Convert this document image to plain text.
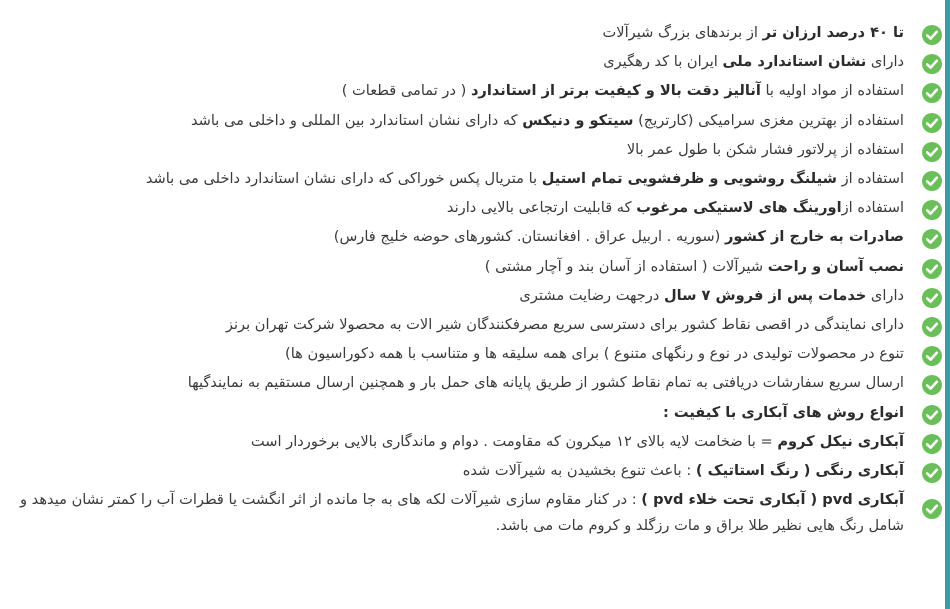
تا ۴۰ درصد ارزان تر از برندهای بزرگ شیرآلات
دارای نشان استاندارد ملی ایران با کد رهگیری
استفاده از مواد اولیه با آنالیز دقت بالا و کیفیت برتر از استاندارد ( در تمامی قطعات )
استفاده از بهترین مغزی سرامیکی (کارتریج) سیتکو و دنیکس که دارای نشان استاندارد بین المللی و داخلی می باشد
استفاده از پرلاتور فشار شکن با طول عمر بالا
استفاده از شیلنگ روشویی و ظرفشویی تمام استیل با متریال پکس خوراکی که دارای نشان استاندارد داخلی می باشد
استفاده ازاورینگ های لاستیکی مرغوب که قابلیت ارتجاعی بالایی دارند
صادرات به خارج از کشور (سوریه . اربیل عراق . افغانستان. کشورهای حوضه خلیج فارس)
نصب آسان و راحت شیرآلات ( استفاده از آسان بند و آچار مشتی )
دارای خدمات پس از فروش ۷ سال درجهت رضایت مشتری
دارای نمایندگی در اقصی نقاط کشور برای دسترسی سریع مصرفکنندگان شیر الات به محصولا شرکت تهران برنز
تنوع در محصولات تولیدی در نوع و رنگهای متنوع ) برای همه سلیقه ها و متناسب با همه دکوراسیون ها)
ارسال سریع سفارشات دریافتی به تمام نقاط کشور از طریق پایانه های حمل بار و همچنین ارسال مستقیم به نمایندگیها
انواع روش های آبکاری با کیفیت :
آبکاری نیکل کروم = با ضخامت لایه بالای ۱۲ میکرون که مقاومت . دوام و ماندگاری بالایی برخوردار است
آبکاری رنگی ( رنگ استاتیک ) : باعث تنوع بخشیدن به شیرآلات شده
آبکاری pvd ( آبکاری تحت خلاء pvd ) : در کنار مقاوم سازی شیرآلات لکه های به جا مانده از اثر انگشت یا قطرات آب را کمتر نشان میدهد و شامل رنگ هایی نظیر طلا براق و مات رزگلد و کروم مات می باشد.
